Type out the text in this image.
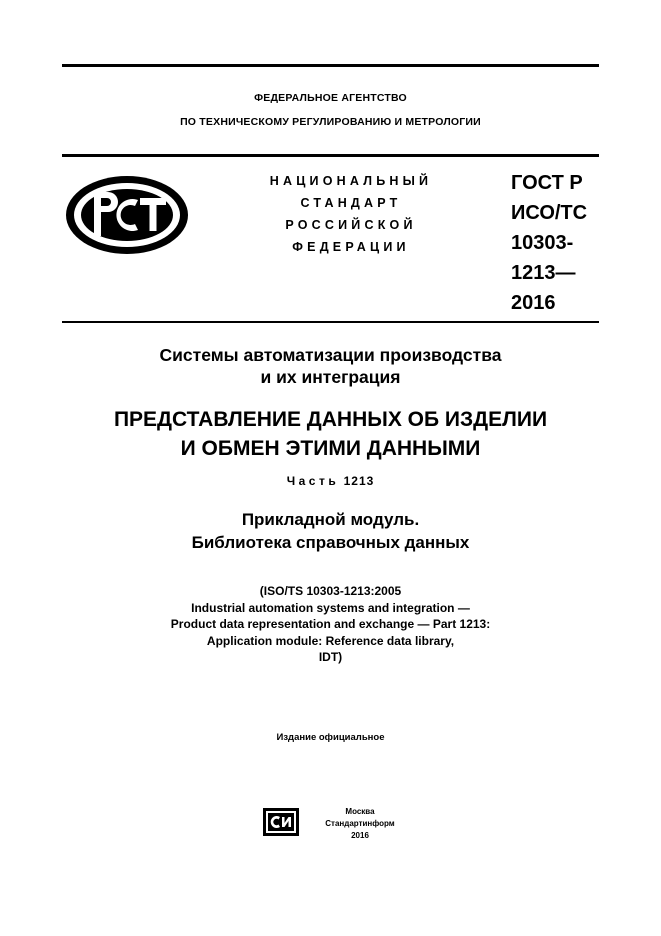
ФЕДЕРАЛЬНОЕ АГЕНТСТВО
ПО ТЕХНИЧЕСКОМУ РЕГУЛИРОВАНИЮ И МЕТРОЛОГИИ
НАЦИОНАЛЬНЫЙ
СТАНДАРТ
РОССИЙСКОЙ
ФЕДЕРАЦИИ
ГОСТ Р
ИСО/ТС
10303-
1213—
2016
Системы автоматизации производства
и их интеграция
ПРЕДСТАВЛЕНИЕ ДАННЫХ ОБ ИЗДЕЛИИ
И ОБМЕН ЭТИМИ ДАННЫМИ
Часть 1213
Прикладной модуль.
Библиотека справочных данных
(ISO/TS 10303-1213:2005
Industrial automation systems and integration —
Product data representation and exchange — Part 1213:
Application module: Reference data library,
IDT)
Издание официальное
Москва
Стандартинформ
2016
